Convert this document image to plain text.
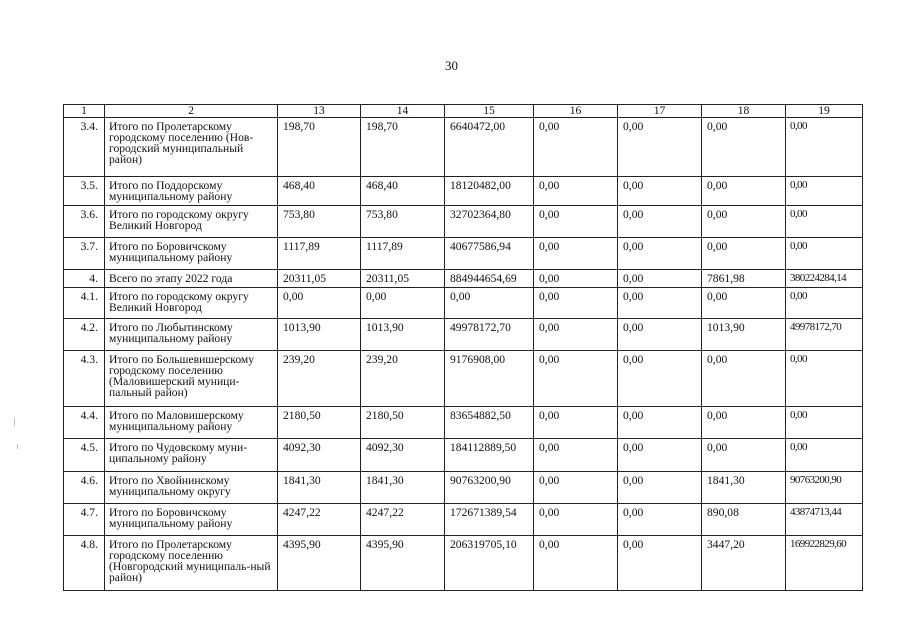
30
1	2	13	14	15	16	17	18	19
3.4.	Итого по Пролетарскому городскому поселению (Нов-городский муниципальный район)	198,70	198,70	6640472,00	0,00	0,00	0,00	0,00
3.5.	Итого по Поддорскому муниципальному району	468,40	468,40	18120482,00	0,00	0,00	0,00	0,00
3.6.	Итого по городскому округу Великий Новгород	753,80	753,80	32702364,80	0,00	0,00	0,00	0,00
3.7.	Итого по Боровичскому муниципальному району	1117,89	1117,89	40677586,94	0,00	0,00	0,00	0,00
4.	Всего по этапу 2022 года	20311,05	20311,05	884944654,69	0,00	0,00	7861,98	380224284,14
4.1.	Итого по городскому округу Великий Новгород	0,00	0,00	0,00	0,00	0,00	0,00	0,00
4.2.	Итого по Любытинскому муниципальному району	1013,90	1013,90	49978172,70	0,00	0,00	1013,90	49978172,70
4.3.	Итого по Большевишерскому городскому поселению (Маловишерский муници-пальный район)	239,20	239,20	9176908,00	0,00	0,00	0,00	0,00
4.4.	Итого по Маловишерскому муниципальному району	2180,50	2180,50	83654882,50	0,00	0,00	0,00	0,00
4.5.	Итого по Чудовскому муни-ципальному району	4092,30	4092,30	184112889,50	0,00	0,00	0,00	0,00
4.6.	Итого по Хвойнинскому муниципальному округу	1841,30	1841,30	90763200,90	0,00	0,00	1841,30	90763200,90
4.7.	Итого по Боровичскому муниципальному району	4247,22	4247,22	172671389,54	0,00	0,00	890,08	43874713,44
4.8.	Итого по Пролетарскому городскому поселению (Новгородский муниципаль-ный район)	4395,90	4395,90	206319705,10	0,00	0,00	3447,20	169922829,60
